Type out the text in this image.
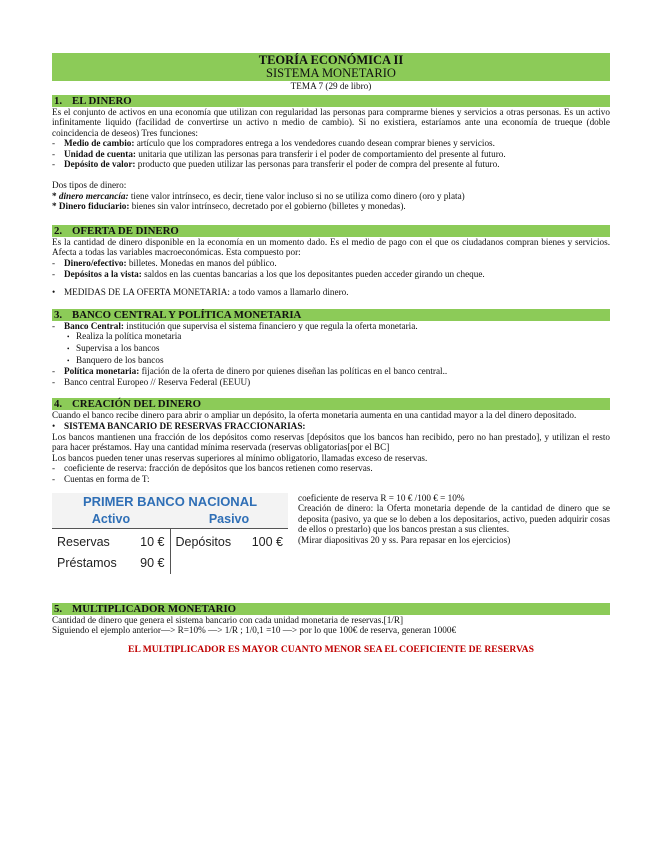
TEORÍA ECONÓMICA II
SISTEMA MONETARIO
TEMA 7 (29 de libro)
1. EL DINERO

Es el conjunto de activos en una economía que utilizan con regularidad las personas para comprarme bienes y servicios a otras personas. Es un activo infinitamente liquido (facilidad de convertirse un activo n medio de cambio). Si no existiera, estaríamos ante una economía de trueque (doble coincidencia de deseos) Tres funciones:

- Medio de cambio: artículo que los compradores entrega a los vendedores cuando desean comprar bienes y servicios.

- Unidad de cuenta: unitaria que utilizan las personas para transferir i el poder de comportamiento del presente al futuro.

- Depósito de valor: producto que pueden utilizar las personas para transferir el poder de compra del presente al futuro.

Dos tipos de dinero:

* dinero mercancía: tiene valor intrínseco, es decir, tiene valor incluso si no se utiliza como dinero (oro y plata)

* Dinero fiduciario: bienes sin valor intrínseco, decretado por el gobierno (billetes y monedas).

2. OFERTA DE DINERO

Es la cantidad de dinero disponible en la economía en un momento dado. Es el medio de pago con el que os ciudadanos compran bienes y servicios. Afecta a todas las variables macroeconómicas. Esta compuesto por:

- Dinero/efectivo: billetes. Monedas en manos del público.

- Depósitos a la vista: saldos en las cuentas bancarias a los que los depositantes pueden acceder girando un cheque.

• MEDIDAS DE LA OFERTA MONETARIA: a todo vamos a llamarlo dinero.

3. BANCO CENTRAL Y POLÍTICA MONETARIA

- Banco Central: institución que supervisa el sistema financiero y que regula la oferta monetaria.

• Realiza la política monetaria

• Supervisa a los bancos

• Banquero de los bancos

- Política monetaria: fijación de la oferta de dinero por quienes diseñan las políticas en el banco central..

- Banco central Europeo // Reserva Federal (EEUU)

4. CREACIÓN DEL DINERO

Cuando el banco recibe dinero para abrir o ampliar un depósito, la oferta monetaria aumenta en una cantidad mayor a la del dinero depositado.

• SISTEMA BANCARIO DE RESERVAS FRACCIONARIAS:

Los bancos mantienen una fracción de los depósitos como reservas [depósitos que los bancos han recibido, pero no han prestado], y utilizan el resto para hacer préstamos. Hay una cantidad mínima reservada (reservas obligatorias[por el BC]

Los bancos pueden tener unas reservas superiores al mínimo obligatorio, llamadas exceso de reservas.

- coeficiente de reserva: fracción de depósitos que los bancos retienen como reservas.

- Cuentas en forma de T:

PRIMER BANCO NACIONAL
Activo	Pasivo
Reservas 10 €
Préstamos 90 €
Depósitos 100 €

coeficiente de reserva R = 10 € /100 € = 10%

Creación de dinero: la Oferta monetaria depende de la cantidad de dinero que se deposita (pasivo, ya que se lo deben a los depositarios, activo, pueden adquirir cosas de ellos o prestarlo) que los bancos prestan a sus clientes.

(Mirar diapositivas 20 y ss. Para repasar en los ejercicios)

5. MULTIPLICADOR MONETARIO

Cantidad de dinero que genera el sistema bancario con cada unidad monetaria de reservas.[1/R]

Siguiendo el ejemplo anterior—> R=10% —> 1/R ; 1/0,1 =10 —> por lo que 100€ de reserva, generan 1000€

EL MULTIPLICADOR ES MAYOR CUANTO MENOR SEA EL COEFICIENTE DE RESERVAS
